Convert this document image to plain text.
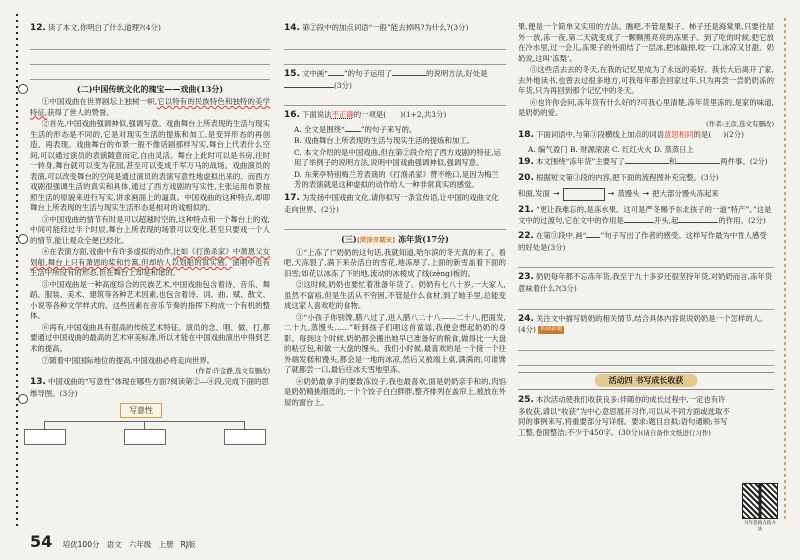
12. 读了本文,你明白了什么道理?(4分)
(二)中国传统文化的瑰宝——戏曲(13分)

①中国戏曲在世界剧坛上独树一帜,它以特有的民族特色和独特的美学特征,获得了世人的赞誉。

②首先,中国戏曲强调神似,强调写意。戏曲舞台上所表现的生活与现实生活的形态是不同的,它是对现实生活的提炼和加工,是变异形态的再创造、再表现。戏曲舞台的布景一般不像话剧那样写实,舞台上代表什么空间,可以通过演员的表演随意而定,自由灵活。舞台上此时可以是书房,往时一转身,舞台就可以变为花园,甚至可以变成千军万马的战场。戏曲演员的表演,可以改变舞台的空间是通过演员的表演写意性地虚拟出来的。而西方戏剧很强调生活的真实和具体,通过了西方戏剧的写实性,主张运用布景按照生活的原貌来进行写实,讲求画面上的逼真。中国戏曲的这种特点,却即舞台上所表现的生活与现实生活形态是相对的戏相似的。

③中国戏曲的情节有时是可以超越时空的,这种特点和一个舞台上的戏,中间可能经过半个时辰,舞台上所表现的场景可以变化,甚至只要戏一个人的情节,能让观众全便已经化。

④在表演方面,戏曲中有许多虚拟的动作,比如《打渔杀家》中萧恩父女划船,舞台上只有萧恩的桨和竹篙,但却给人以划船的真实感。演唱中也有生活中所没有的形态,但在舞台上却是和谐的。

⑤中国戏曲是一种高度综合的民族艺术,中国戏曲包含着诗、音乐、舞蹈、服装、美术、建筑等各种艺术因素,也包含着诗、词、曲、赋、散文、小说等各种文学样式的。这些因素在音乐节奏的指挥下构成一个有机的整体。

⑥再有,中国戏曲具有很高的传统艺术特征。演员的念、唱、做、打,都要通过中国戏曲的最高的艺术审美标准,所以才能在中国戏曲演出中得到艺术的提高。

⑦随着中国国际地位的提高,中国戏曲必将走向世界。

(作者:许金静,选文有删改)
13. 中国戏曲的“写意性”体现在哪些方面?阅读第②—④段,完成下面的思维导图。(3分)
写意性
14. 第②段中的加点词语“一般”能去掉吗?为什么?(3分)
15. 文中画“ ”的句子运用了	的说明方法,好处是(3分)
16. 下面说法不正确的一项是( )(1+2,共3分)
A. 全文是围绕“ ”的句子来写的。
B. 戏曲舞台上所表现的生活与现实生活的提炼和加工。
C. 本文介绍的是中国戏曲,但在第②段介绍了西方戏剧的特征,运用了举例子的说明方法,说明中国戏曲强调神似,强调写意。
D. 东莱亭特别梅兰芳表演的《打渔杀家》赞不绝口,是因为梅兰芳的表演就是这种虚拟的动作给人一种非常真实的感觉。
17. 为发扬中国戏曲文化,请你拟写一条宣传语,让中国的戏曲文化走向世界。(2分)
(三)[菏泽市期末] 冻年货(17分)

①“上冻了!”奶奶的这句话,我就知道,哈尔滨的冬天真的来了。看吧,天冻裂了,满下来杂活白的雪花,地冻厚了,上面的新雪盖着下面的旧雪;如花以冰冻了下的地,流动的冰棱成了线(zèng)板的。

②这时候,奶奶也要忙着准备年货了。奶奶有七八十岁,一大家人,虽然不富裕,但是生活从不穷困,不管是什么食材,到了她手里,总能变成这家人喜欢吃的食物。

③“小孩子你别馋,腊八过了,进入腊八二十八——二十八,把面发,二十九,蒸馒头……”听到孩子们唱这首童谣,我便会想起奶奶的身影。每到这个时候,奶奶都会搬出她早已准备好的粮食,做得比一大盘的粘豆包,和做一大盘的馒头。我们小时候,最喜欢的是一个接一个往外端发糕和馒头,都会是一地的冰凉,然后又被端上桌,满满的,可谁馋了就都尝一口,最后往冰天雪地里冻。

④奶奶最拿手的要数冻饺子,我也最喜欢,面是奶奶亲手和的,肉馅是奶奶精挑细选的,一个个饺子白白胖胖,整齐排列在盖帘上,被放在外屋的窗台上。

果,便是一个简单又实用的方法。瞧吧,不管是梨子、柿子还是海棠果,只要往屋外一放,冻一夜,第二天就变成了一颗颗黑亮亮的冻果子。到了吃的时候,把它放在冷水里,过一会儿,冻果子的外面结了一层冰,把冰敲掉,咬一口,冰凉又甘甜。奶奶说,这叫‘冻梨’。

⑤这些活去去的冬天,在我的记忆里成为了永远的美好。我长大后离开了家,去外地读书,也曾去过很多地方,可我每年都会回家过年,只为再尝一尝奶奶冻的年货,只为再回到那个记忆中的冬天。

⑥也许你会问,冻年货有什么好的?可我心里清楚,冻年货里冻的,是家的味道,是奶奶的爱。

(作者:王彦,选文有删改)
18. 下面词语中,与第③段横线上加点的词语意思相同的是( )(2分)
A. 编气盈门 B. 财源滚滚 C. 红红火火 D. 蒸蒸日上
19. 本文围绕“冻年货”主要写了	和	两件事。(2分)
20. 根据短文第③段的内容,把下面的流程图补充完整。(3分)
和面,发面 →	→ 蒸馒头 → 把大部分馒头冻起来
21. “更让我难忘的,是冻水果。这可是严冬赐予东北孩子的一道“特产”。”这是文中的过渡句,它在文中的作用是	开头,起	的作用。(2分)
22. 在第③段中,画“ ”句子写出了作者的感受。这样写作最为中肯人感受的好处是(3分)
23. 奶奶每年都不忘冻年货,我至于九十多岁还很坚持年货,对奶奶而言,冻年货意味着什么?(3分)
24. 关注文中描写奶奶的相关情节,结合具体内容说说奶奶是一个怎样的人。(4分) 拓展新题
活动四 书写成长收获
25. 本次活动使我们收获良多:伴随你的成长过程中,一定也有许多收获,请以“收获”为中心意思展开习作,可以从不同方面或选取不同的事例来写,将重要部分写详细。要求:题目自拟;语句通顺;书写工整,卷面整洁;不少于450字。(30分)(请自备作文纸进行习作)
习作思路点拨方法
54 培优100分 语文 六年级 上册 RJ版
